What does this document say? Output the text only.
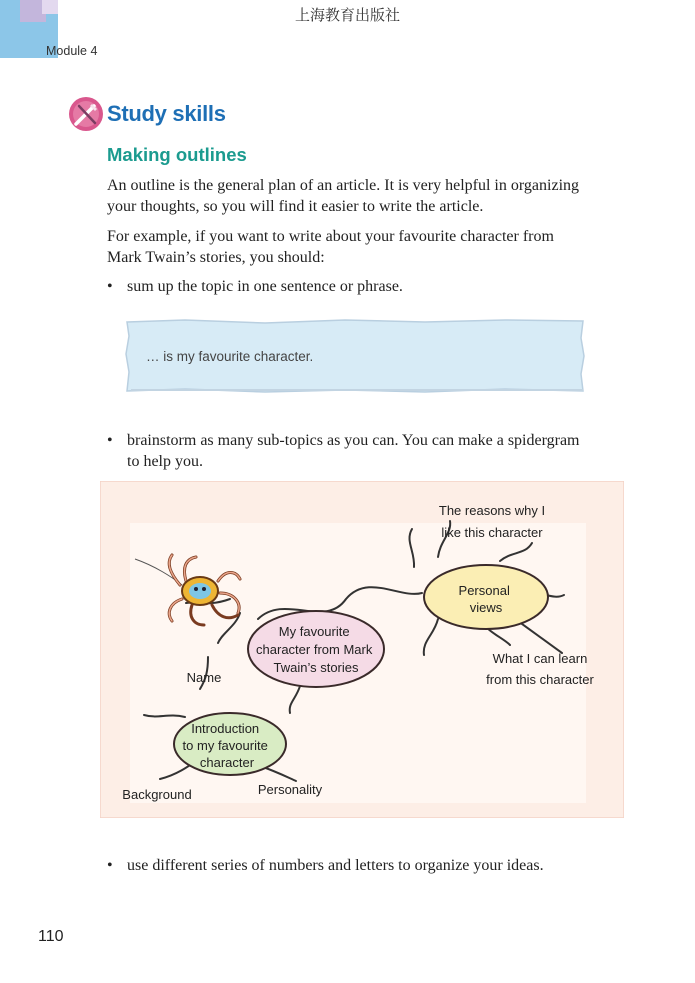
上海教育出版社
Module 4
Study skills
Making outlines
An outline is the general plan of an article. It is very helpful in organizing
your thoughts, so you will find it easier to write the article.
For example, if you want to write about your favourite character from
Mark Twain’s stories, you should:
• sum up the topic in one sentence or phrase.
… is my favourite character.
• brainstorm as many sub-topics as you can. You can make a spidergram
to help you.
My favourite character from Mark Twain’s stories
Personal views
Introduction to my favourite character
The reasons why I
like this character
What I can learn
from this character
Name
Background	Personality
• use different series of numbers and letters to organize your ideas.
110
